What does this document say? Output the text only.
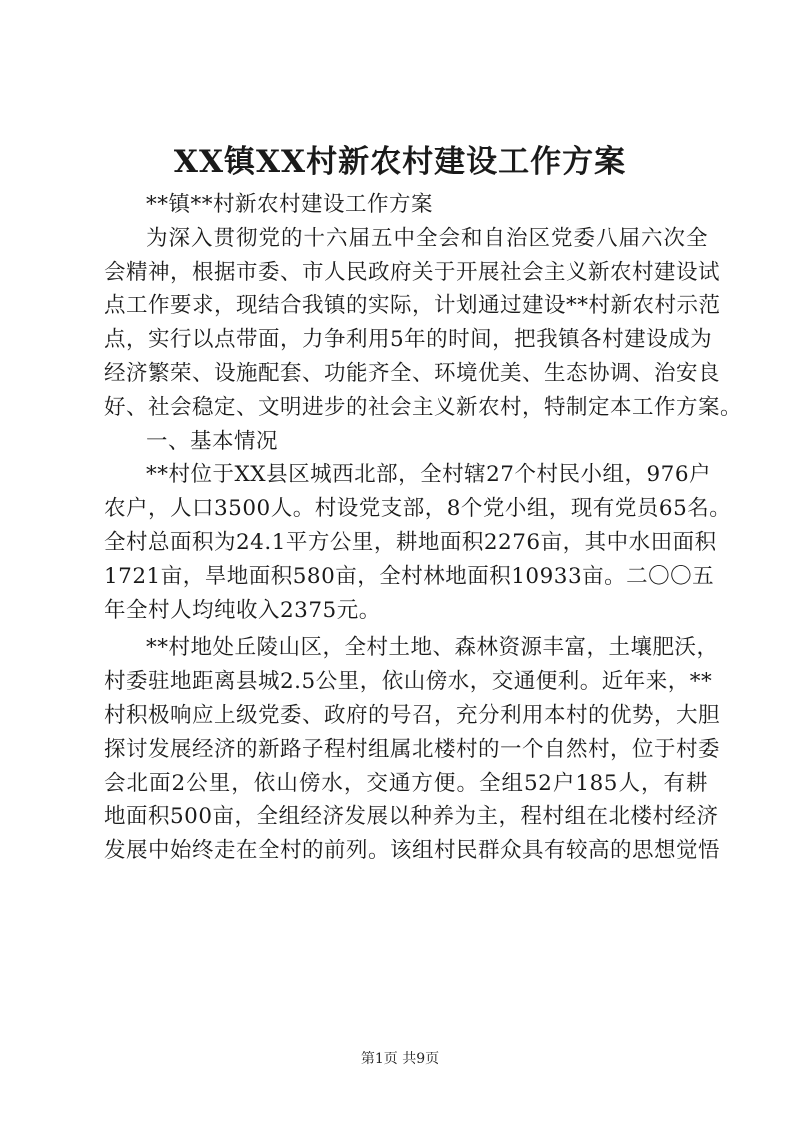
XX镇XX村新农村建设工作方案
**镇**村新农村建设工作方案
为深入贯彻党的十六届五中全会和自治区党委八届六次全
会精神，根据市委、市人民政府关于开展社会主义新农村建设试
点工作要求，现结合我镇的实际，计划通过建设**村新农村示范
点，实行以点带面，力争利用5年的时间，把我镇各村建设成为
经济繁荣、设施配套、功能齐全、环境优美、生态协调、治安良
好、社会稳定、文明进步的社会主义新农村，特制定本工作方案。
一、基本情况
**村位于XX县区城西北部，全村辖27个村民小组，976户
农户，人口3500人。村设党支部，8个党小组，现有党员65名。
全村总面积为24.1平方公里，耕地面积2276亩，其中水田面积
1721亩，旱地面积580亩，全村林地面积10933亩。二〇〇五
年全村人均纯收入2375元。
**村地处丘陵山区，全村土地、森林资源丰富，土壤肥沃，
村委驻地距离县城2.5公里，依山傍水，交通便利。近年来，**
村积极响应上级党委、政府的号召，充分利用本村的优势，大胆
探讨发展经济的新路子程村组属北楼村的一个自然村，位于村委
会北面2公里，依山傍水，交通方便。全组52户185人，有耕
地面积500亩，全组经济发展以种养为主，程村组在北楼村经济
发展中始终走在全村的前列。该组村民群众具有较高的思想觉悟
第1页 共9页
